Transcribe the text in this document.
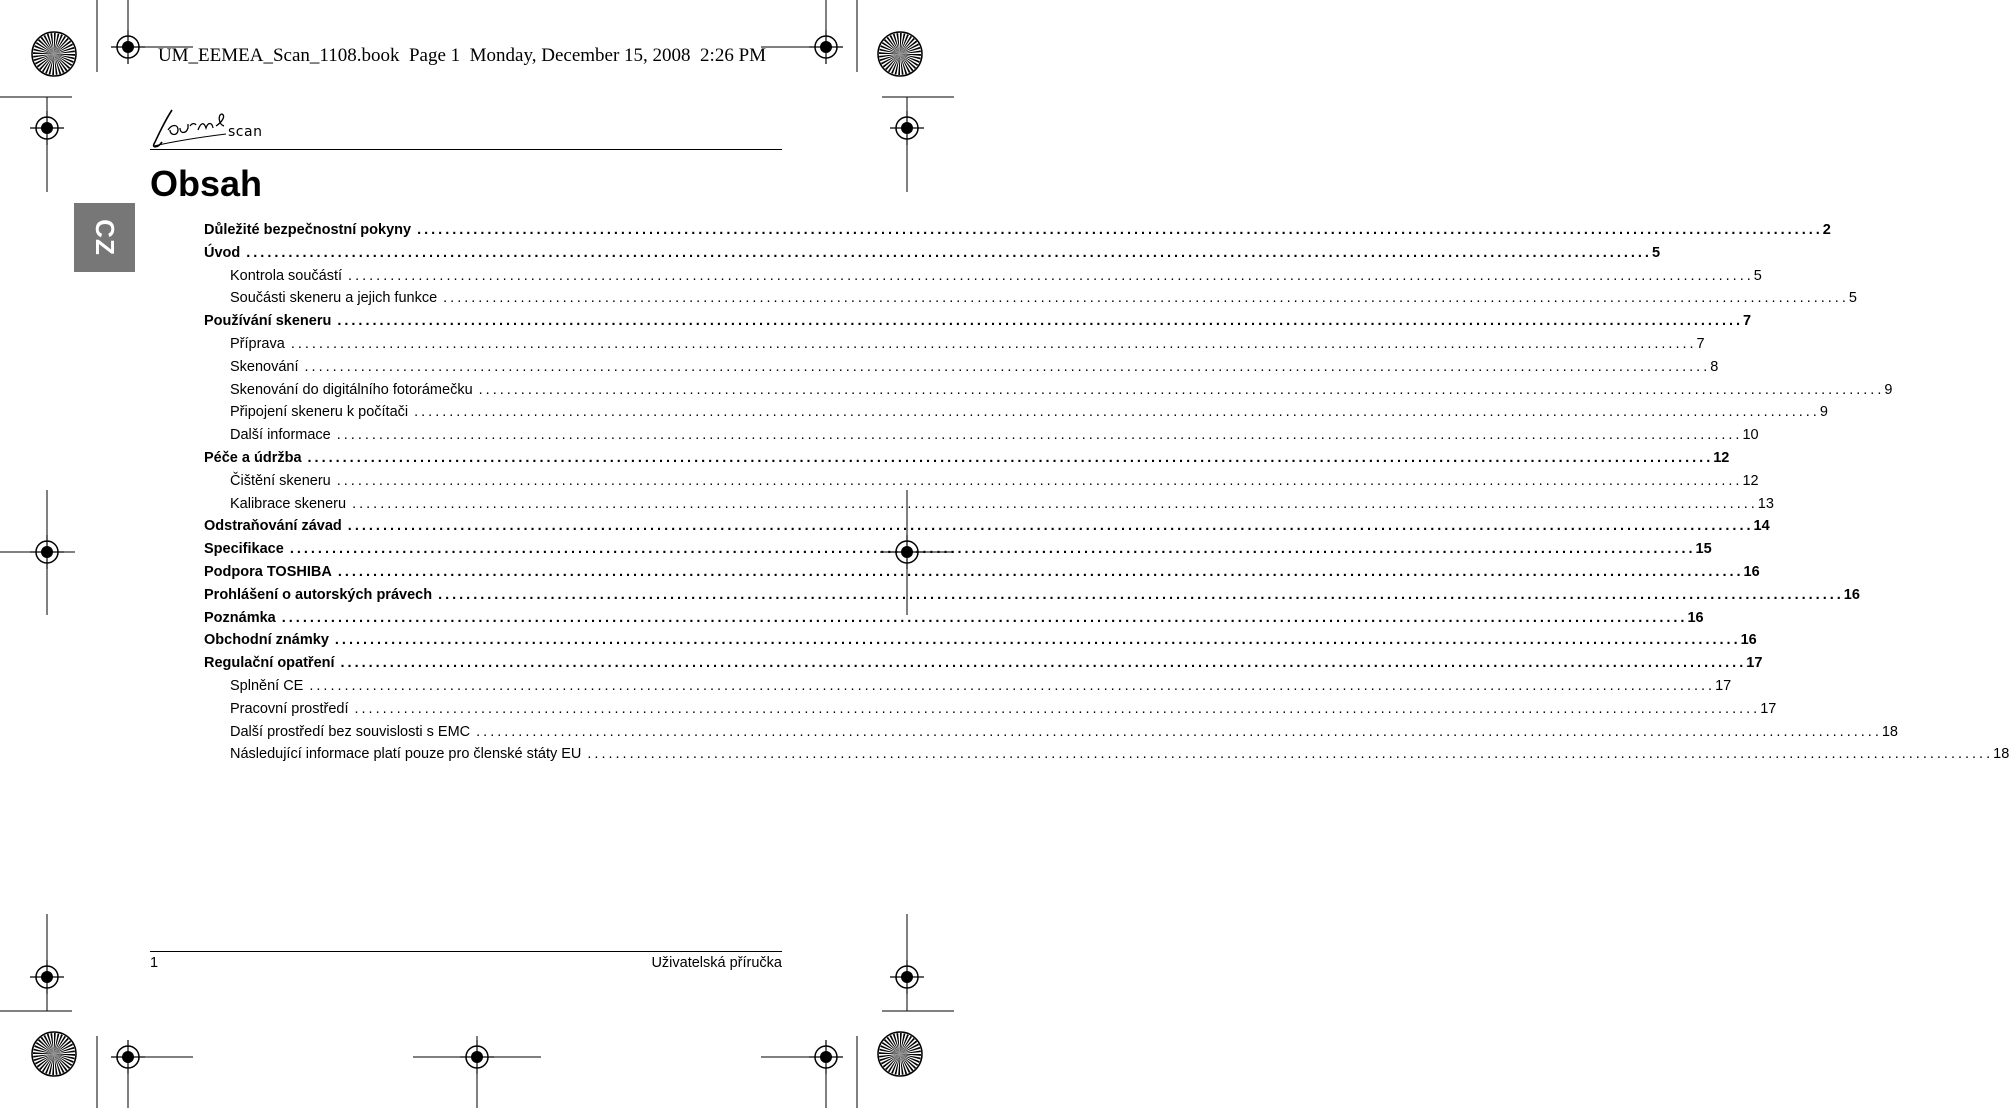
UM_EEMEA_Scan_1108.book  Page 1  Monday, December 15, 2008  2:26 PM
scan
Obsah
CZ	Důležité bezpečnostní pokyny ........................................................................................................................................................................................................ 2
Úvod ........................................................................................................................................................................................................ 5
Kontrola součástí ........................................................................................................................................................................................................ 5
Součásti skeneru a jejich funkce ........................................................................................................................................................................................................ 5
Používání skeneru ........................................................................................................................................................................................................ 7
Příprava ........................................................................................................................................................................................................ 7
Skenování ........................................................................................................................................................................................................ 8
Skenování do digitálního fotorámečku ........................................................................................................................................................................................................ 9
Připojení skeneru k počítači ........................................................................................................................................................................................................ 9
Další informace ........................................................................................................................................................................................................ 10
Péče a údržba ........................................................................................................................................................................................................ 12
Čištění skeneru ........................................................................................................................................................................................................ 12
Kalibrace skeneru ........................................................................................................................................................................................................ 13
Odstraňování závad ........................................................................................................................................................................................................ 14
Specifikace ........................................................................................................................................................................................................ 15
Podpora TOSHIBA ........................................................................................................................................................................................................ 16
Prohlášení o autorských právech ........................................................................................................................................................................................................ 16
Poznámka ........................................................................................................................................................................................................ 16
Obchodní známky ........................................................................................................................................................................................................ 16
Regulační opatření ........................................................................................................................................................................................................ 17
Splnění CE ........................................................................................................................................................................................................ 17
Pracovní prostředí ........................................................................................................................................................................................................ 17
Další prostředí bez souvislosti s EMC ........................................................................................................................................................................................................ 18
Následující informace platí pouze pro členské státy EU ........................................................................................................................................................................................................ 18
1	Uživatelská příručka
